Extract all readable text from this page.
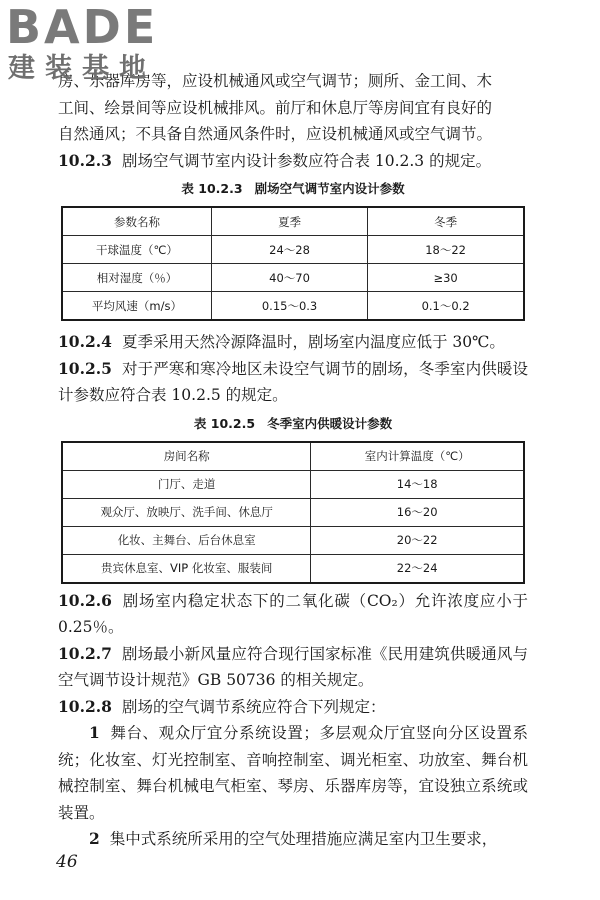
BADE
建装基地

房、乐器库房等，应设机械通风或空气调节；厕所、金工间、木
工间、绘景间等应设机械排风。前厅和休息厅等房间宜有良好的
自然通风；不具备自然通风条件时，应设机械通风或空气调节。

10.2.3 剧场空气调节室内设计参数应符合表 10.2.3 的规定。

表 10.2.3 剧场空气调节室内设计参数
参数名称	夏季	冬季
干球温度（℃）	24～28	18～22
相对湿度（％）	40～70	≥30
平均风速（m/s）	0.15～0.3	0.1～0.2

10.2.4 夏季采用天然冷源降温时，剧场室内温度应低于 30℃。

10.2.5 对于严寒和寒冷地区未设空气调节的剧场，冬季室内供暖设计参数应符合表 10.2.5 的规定。

表 10.2.5 冬季室内供暖设计参数
房间名称	室内计算温度（℃）
门厅、走道	14～18
观众厅、放映厅、洗手间、休息厅	16～20
化妆、主舞台、后台休息室	20～22
贵宾休息室、VIP 化妆室、服装间	22～24

10.2.6 剧场室内稳定状态下的二氧化碳（CO₂）允许浓度应小于 0.25％。

10.2.7 剧场最小新风量应符合现行国家标准《民用建筑供暖通风与空气调节设计规范》GB 50736 的相关规定。

10.2.8 剧场的空气调节系统应符合下列规定：

1 舞台、观众厅宜分系统设置；多层观众厅宜竖向分区设置系统；化妆室、灯光控制室、音响控制室、调光柜室、功放室、舞台机械控制室、舞台机械电气柜室、琴房、乐器库房等，宜设独立系统或装置。

2 集中式系统所采用的空气处理措施应满足室内卫生要求，

46
